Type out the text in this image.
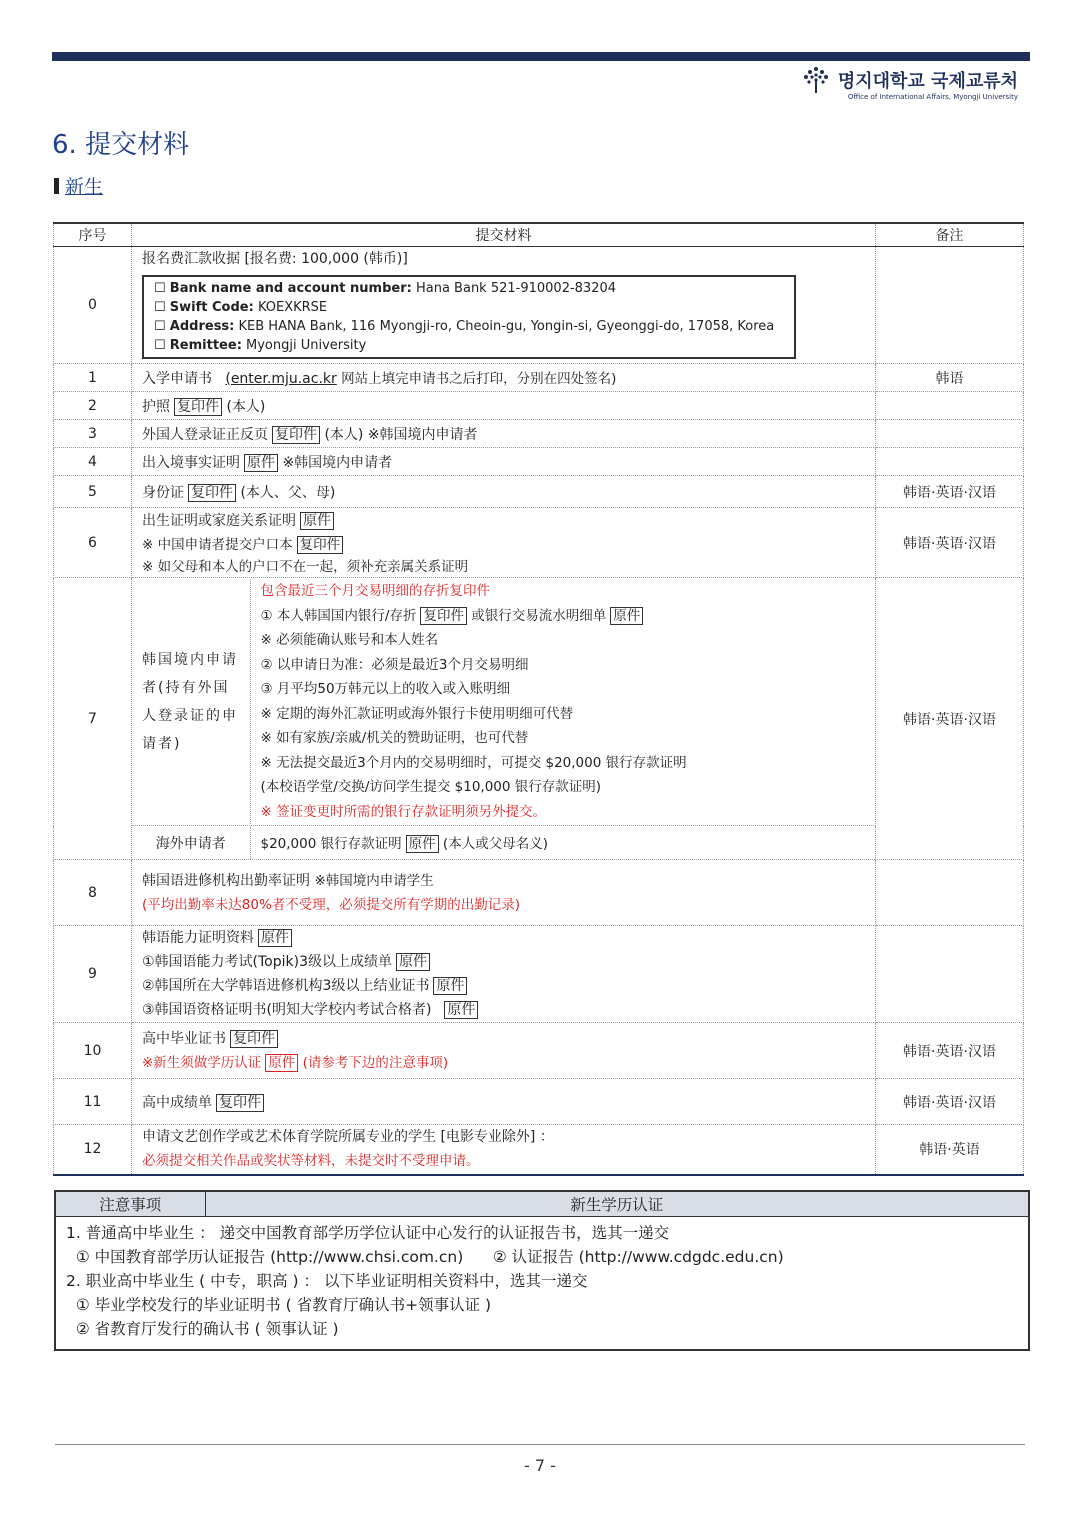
명지대학교 국제교류처
Office of International Affairs, Myongji University
6. 提交材料
新生
序号	提交材料	备注
0	
报名费汇款收据 [报名费: 100,000 (韩币)]
☐ Bank name and account number: Hana Bank 521-910002-83204
☐ Swift Code: KOEXKRSE
☐ Address: KEB HANA Bank, 116 Myongji-ro, Cheoin-gu, Yongin-si, Gyeonggi-do, 17058, Korea
☐ Remittee: Myongji University

1	入学申请书 (enter.mju.ac.kr 网站上填完申请书之后打印，分别在四处签名)	韩语
2	护照 复印件 (本人)	
3	外国人登录证正反页 复印件 (本人) ※韩国境内申请者	
4	出入境事实证明 原件 ※韩国境内申请者	
5	身份证 复印件 (本人、父、母)	韩语·英语·汉语
6	
出生证明或家庭关系证明 原件
※ 中国申请者提交户口本 复印件
※ 如父母和本人的户口不在一起，须补充亲属关系证明
	韩语·英语·汉语
7	
韩国境内申请者(持有外国人登录证的申请者)	
包含最近三个月交易明细的存折复印件
① 本人韩国国内银行/存折 复印件 或银行交易流水明细单 原件
※ 必须能确认账号和本人姓名
② 以申请日为准：必须是最近3个月交易明细
③ 月平均50万韩元以上的收入或入账明细
※ 定期的海外汇款证明或海外银行卡使用明细可代替
※ 如有家族/亲戚/机关的赞助证明，也可代替
※ 无法提交最近3个月内的交易明细时，可提交 $20,000 银行存款证明
(本校语学堂/交换/访问学生提交 $10,000 银行存款证明)
※ 签证变更时所需的银行存款证明须另外提交。
	韩语·英语·汉语

海外申请者	$20,000 银行存款证明 原件 (本人或父母名义)

8	
韩国语进修机构出勤率证明 ※韩国境内申请学生
(平均出勤率未达80%者不受理，必须提交所有学期的出勤记录)

9	
韩语能力证明资料 原件
①韩国语能力考试(Topik)3级以上成绩单 原件
②韩国所在大学韩语进修机构3级以上结业证书 原件
③韩国语资格证明书(明知大学校内考试合格者) 原件

10	
高中毕业证书 复印件
※新生须做学历认证 原件 (请参考下边的注意事项)
	韩语·英语·汉语
11	高中成绩单 复印件	韩语·英语·汉语
12	
申请文艺创作学或艺术体育学院所属专业的学生 [电影专业除外] ：
必须提交相关作品或奖状等材料，未提交时不受理申请。
	韩语·英语
注意事项	新生学历认证

1. 普通高中毕业生 ： 递交中国教育部学历学位认证中心发行的认证报告书，选其一递交
① 中国教育部学历认证报告 (http://www.chsi.com.cn) ② 认证报告 (http://www.cdgdc.edu.cn)
2. 职业高中毕业生 ( 中专，职高 ) ： 以下毕业证明相关资料中，选其一递交
① 毕业学校发行的毕业证明书 ( 省教育厅确认书+领事认证 )
② 省教育厅发行的确认书 ( 领事认证 )
- 7 -
